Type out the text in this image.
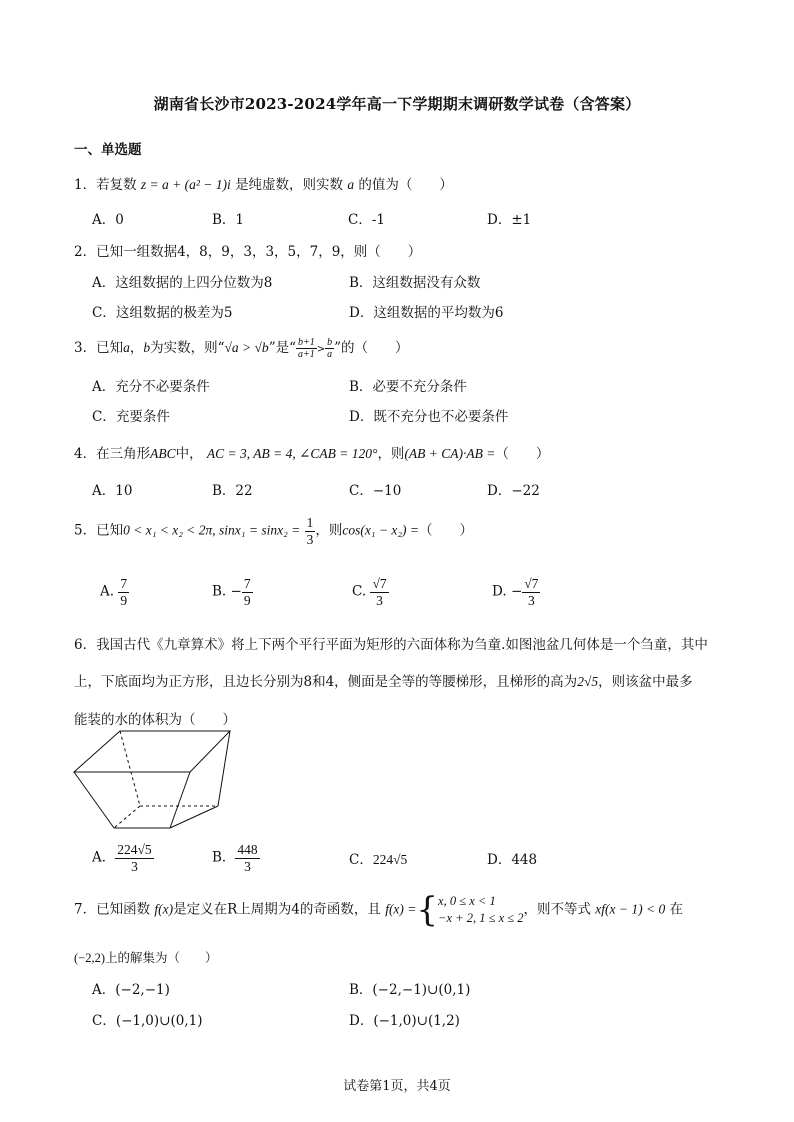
湖南省长沙市2023-2024学年高一下学期期末调研数学试卷（含答案）
一、单选题
1．若复数 z = a + (a² − 1)i 是纯虚数，则实数 a 的值为（　　）
A．0	B．1	C．-1	D．±1
2．已知一组数据4，8，9，3，3，5，7，9，则（　　）
A．这组数据的上四分位数为8	B．这组数据没有众数
C．这组数据的极差为5	D．这组数据的平均数为6
3．已知a，b为实数，则“√a > √b”是“ $\frac{b+1}{a+1} > \frac{b}{a}$ ”的（　　）
A．充分不必要条件	B．必要不充分条件
C．充要条件	D．既不充分也不必要条件
4．在三角形ABC中， AC = 3, AB = 4, ∠CAB = 120°，则(AB + CA)·AB =（　　）
A．10	B．22	C．−10	D．−22
5．已知0 < x₁ < x₂ < 2π, $\sin x_1 = \sin x_2 = \frac{1}{3}$ ，则cos(x₁ − x₂) =（　　）
A. $\frac{7}{9}$	B. − $\frac{7}{9}$	C. $\frac{√7}{3}$	D. − $\frac{√7}{3}$
6．我国古代《九章算术》将上下两个平行平面为矩形的六面体称为刍童.如图池盆几何体是一个刍童，其中
上，下底面均为正方形，且边长分别为8和4，侧面是全等的等腰梯形，且梯形的高为2√5，则该盆中最多
能装的水的体积为（　　）
A． $\frac{224√5}{3}$	B． $\frac{448}{3}$	C．224√5	D．448
7．已知函数 f(x)是定义在R上周期为4的奇函数，且 f(x) ={ x, 0 ≤ x < 1
−x + 2, 1 ≤ x ≤ 2
，则不等式 xf(x − 1) < 0 在
(−2,2)上的解集为（　　）
A．(−2,−1)	B．(−2,−1)∪(0,1)
C．(−1,0)∪(0,1)	D．(−1,0)∪(1,2)
试卷第1页，共4页
